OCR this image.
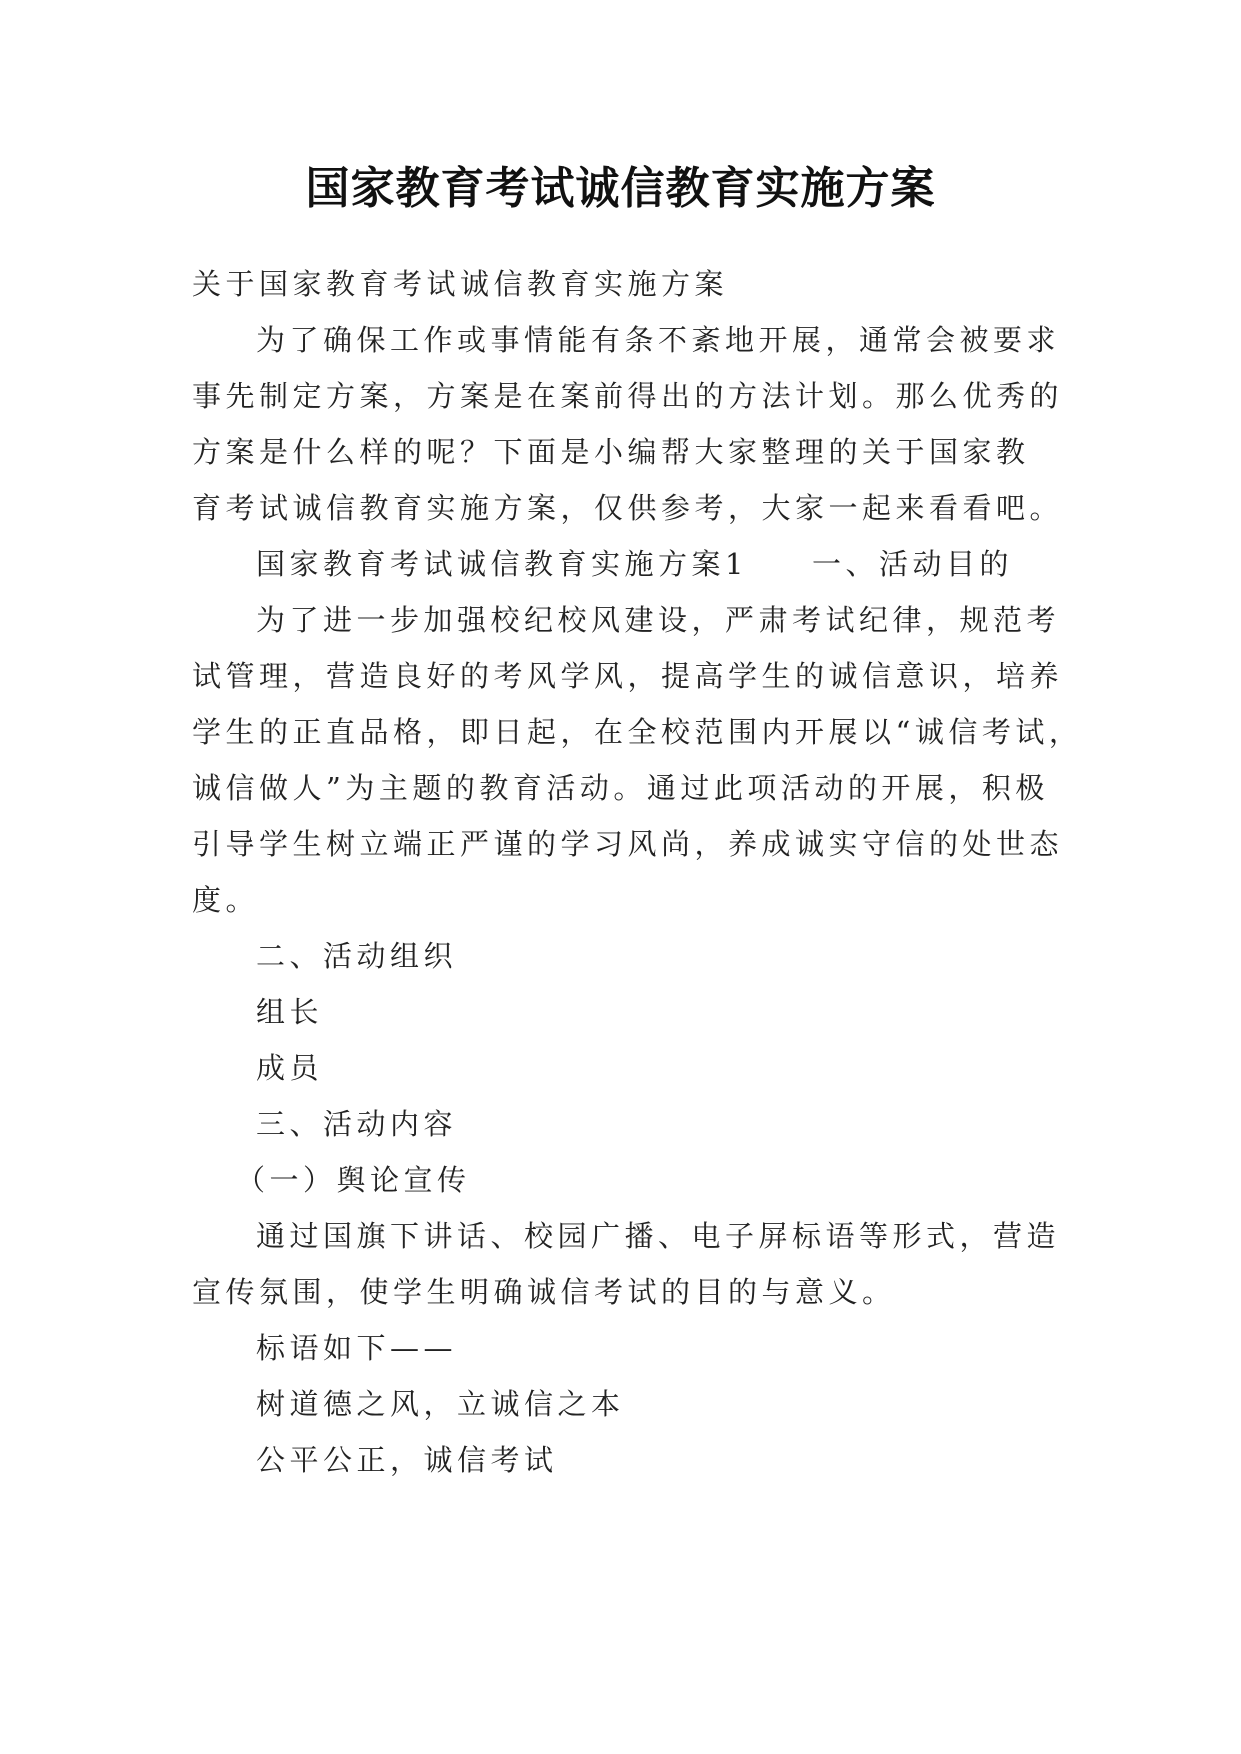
国家教育考试诚信教育实施方案
关于国家教育考试诚信教育实施方案
为了确保工作或事情能有条不紊地开展，通常会被要求
事先制定方案，方案是在案前得出的方法计划。那么优秀的
方案是什么样的呢？下面是小编帮大家整理的关于国家教
育考试诚信教育实施方案，仅供参考，大家一起来看看吧。
国家教育考试诚信教育实施方案1 一、活动目的
为了进一步加强校纪校风建设，严肃考试纪律，规范考
试管理，营造良好的考风学风，提高学生的诚信意识，培养
学生的正直品格，即日起，在全校范围内开展以“诚信考试，
诚信做人”为主题的教育活动。通过此项活动的开展，积极
引导学生树立端正严谨的学习风尚，养成诚实守信的处世态
度。
二、活动组织
组长
成员
三、活动内容
（一）舆论宣传
通过国旗下讲话、校园广播、电子屏标语等形式，营造
宣传氛围，使学生明确诚信考试的目的与意义。
标语如下——
树道德之风，立诚信之本
公平公正，诚信考试
